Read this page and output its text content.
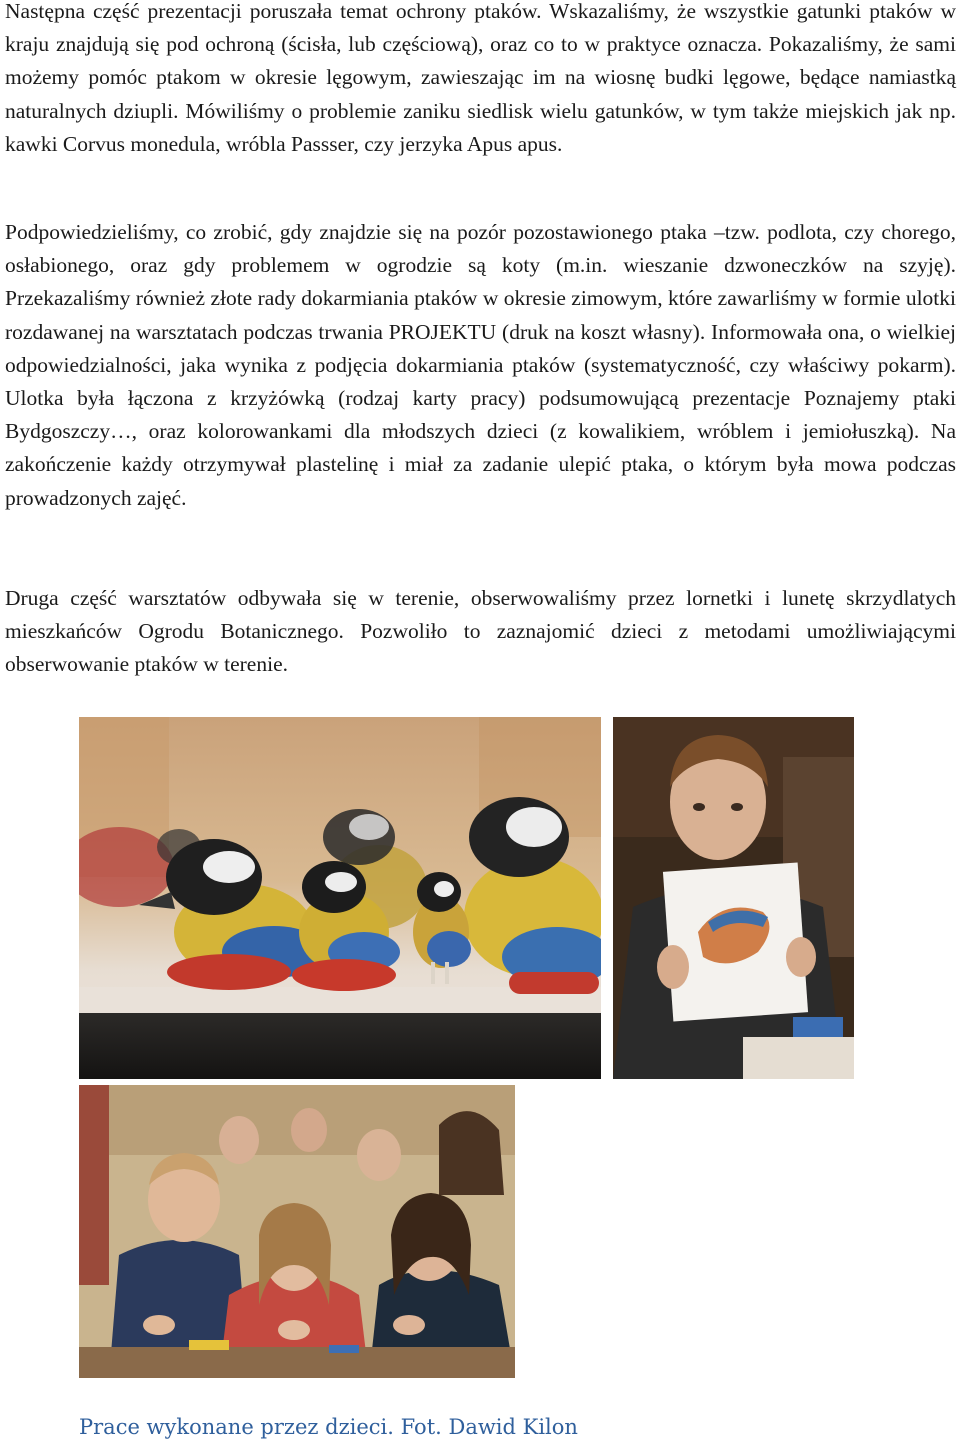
Następna część prezentacji poruszała temat ochrony ptaków. Wskazaliśmy, że wszystkie gatunki ptaków w kraju znajdują się pod ochroną (ścisła, lub częściową), oraz co to w praktyce oznacza. Pokazaliśmy, że sami możemy pomóc ptakom w okresie lęgowym, zawieszając im na wiosnę budki lęgowe, będące namiastką naturalnych dziupli. Mówiliśmy o problemie zaniku siedlisk wielu gatunków, w tym także miejskich jak np. kawki Corvus monedula, wróbla Passser, czy jerzyka Apus apus.

Podpowiedzieliśmy, co zrobić, gdy znajdzie się na pozór pozostawionego ptaka –tzw. podlota, czy chorego, osłabionego, oraz gdy problemem w ogrodzie są koty (m.in. wieszanie dzwoneczków na szyję). Przekazaliśmy również złote rady dokarmiania ptaków w okresie zimowym, które zawarliśmy w formie ulotki rozdawanej na warsztatach podczas trwania PROJEKTU (druk na koszt własny). Informowała ona, o wielkiej odpowiedzialności, jaka wynika z podjęcia dokarmiania ptaków (systematyczność, czy właściwy pokarm). Ulotka była łączona z krzyżówką (rodzaj karty pracy) podsumowującą prezentacje Poznajemy ptaki Bydgoszczy…, oraz kolorowankami dla młodszych dzieci (z kowalikiem, wróblem i jemiołuszką). Na zakończenie każdy otrzymywał plastelinę i miał za zadanie ulepić ptaka, o którym była mowa podczas prowadzonych zajęć.

Druga część warsztatów odbywała się w terenie, obserwowaliśmy przez lornetki i lunetę skrzydlatych mieszkańców Ogrodu Botanicznego. Pozwoliło to zaznajomić dzieci z metodami umożliwiającymi obserwowanie ptaków w terenie.

Prace wykonane przez dzieci. Fot. Dawid Kilon
